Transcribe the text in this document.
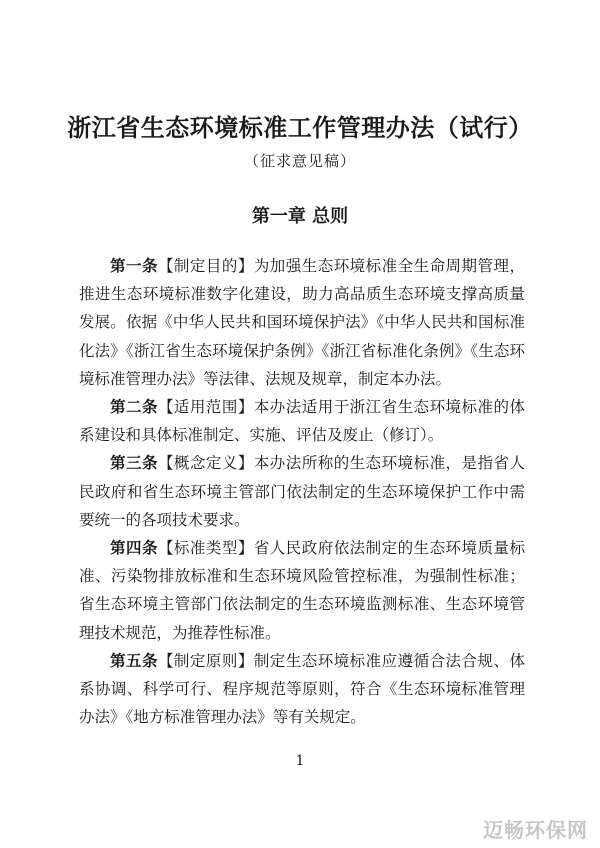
浙江省生态环境标准工作管理办法（试行）
（征求意见稿）
第一章 总则

第一条【制定目的】为加强生态环境标准全生命周期管理，推进生态环境标准数字化建设，助力高品质生态环境支撑高质量发展。依据《中华人民共和国环境保护法》《中华人民共和国标准化法》《浙江省生态环境保护条例》《浙江省标准化条例》《生态环境标准管理办法》等法律、法规及规章，制定本办法。

第二条【适用范围】本办法适用于浙江省生态环境标准的体系建设和具体标准制定、实施、评估及废止（修订）。

第三条【概念定义】本办法所称的生态环境标准，是指省人民政府和省生态环境主管部门依法制定的生态环境保护工作中需要统一的各项技术要求。

第四条【标准类型】省人民政府依法制定的生态环境质量标准、污染物排放标准和生态环境风险管控标准，为强制性标准；省生态环境主管部门依法制定的生态环境监测标准、生态环境管理技术规范，为推荐性标准。

第五条【制定原则】制定生态环境标准应遵循合法合规、体系协调、科学可行、程序规范等原则，符合《生态环境标准管理办法》《地方标准管理办法》等有关规定。

1
迈畅环保网
